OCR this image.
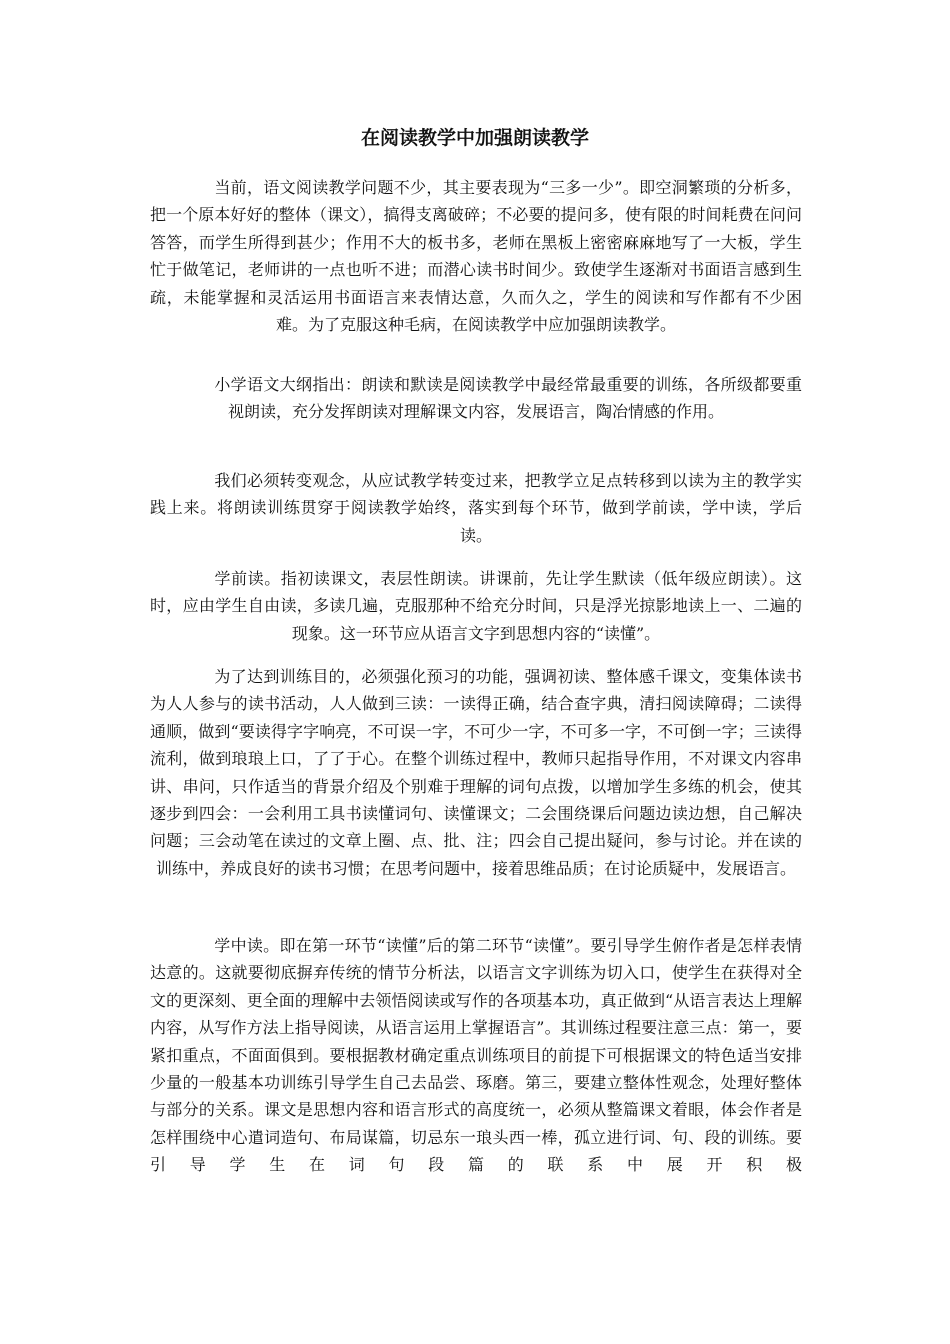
在阅读教学中加强朗读教学

当前，语文阅读教学问题不少，其主要表现为“三多一少”。即空洞繁琐的分析多，把一个原本好好的整体（课文），搞得支离破碎；不必要的提问多，使有限的时间耗费在问问答答，而学生所得到甚少；作用不大的板书多，老师在黑板上密密麻麻地写了一大板，学生忙于做笔记，老师讲的一点也听不进；而潜心读书时间少。致使学生逐渐对书面语言感到生疏，未能掌握和灵活运用书面语言来表情达意，久而久之，学生的阅读和写作都有不少困难。为了克服这种毛病，在阅读教学中应加强朗读教学。

小学语文大纲指出：朗读和默读是阅读教学中最经常最重要的训练，各所级都要重视朗读，充分发挥朗读对理解课文内容，发展语言，陶冶情感的作用。

我们必须转变观念，从应试教学转变过来，把教学立足点转移到以读为主的教学实践上来。将朗读训练贯穿于阅读教学始终，落实到每个环节，做到学前读，学中读，学后读。

学前读。指初读课文，表层性朗读。讲课前，先让学生默读（低年级应朗读）。这时，应由学生自由读，多读几遍，克服那种不给充分时间，只是浮光掠影地读上一、二遍的现象。这一环节应从语言文字到思想内容的“读懂”。

为了达到训练目的，必须强化预习的功能，强调初读、整体感千课文，变集体读书为人人参与的读书活动，人人做到三读：一读得正确，结合查字典，清扫阅读障碍；二读得通顺，做到“要读得字字响亮，不可误一字，不可少一字，不可多一字，不可倒一字；三读得流利，做到琅琅上口，了了于心。在整个训练过程中，教师只起指导作用，不对课文内容串讲、串问，只作适当的背景介绍及个别难于理解的词句点拨，以增加学生多练的机会，使其逐步到四会：一会利用工具书读懂词句、读懂课文；二会围绕课后问题边读边想，自己解决问题；三会动笔在读过的文章上圈、点、批、注；四会自己提出疑问，参与讨论。并在读的训练中，养成良好的读书习惯；在思考问题中，接着思维品质；在讨论质疑中，发展语言。

学中读。即在第一环节“读懂”后的第二环节“读懂”。要引导学生俯作者是怎样表情达意的。这就要彻底摒弃传统的情节分析法，以语言文字训练为切入口，使学生在获得对全文的更深刻、更全面的理解中去领悟阅读或写作的各项基本功，真正做到“从语言表达上理解内容，从写作方法上指导阅读，从语言运用上掌握语言”。其训练过程要注意三点：第一，要紧扣重点，不面面俱到。要根据教材确定重点训练项目的前提下可根据课文的特色适当安排少量的一般基本功训练引导学生自己去品尝、琢磨。第三，要建立整体性观念，处理好整体与部分的关系。课文是思想内容和语言形式的高度统一，必须从整篇课文着眼，体会作者是怎样围绕中心遣词造句、布局谋篇，切忌东一琅头西一棒，孤立进行词、句、段的训练。要引导学生在词句段篇的联系中展开积极
